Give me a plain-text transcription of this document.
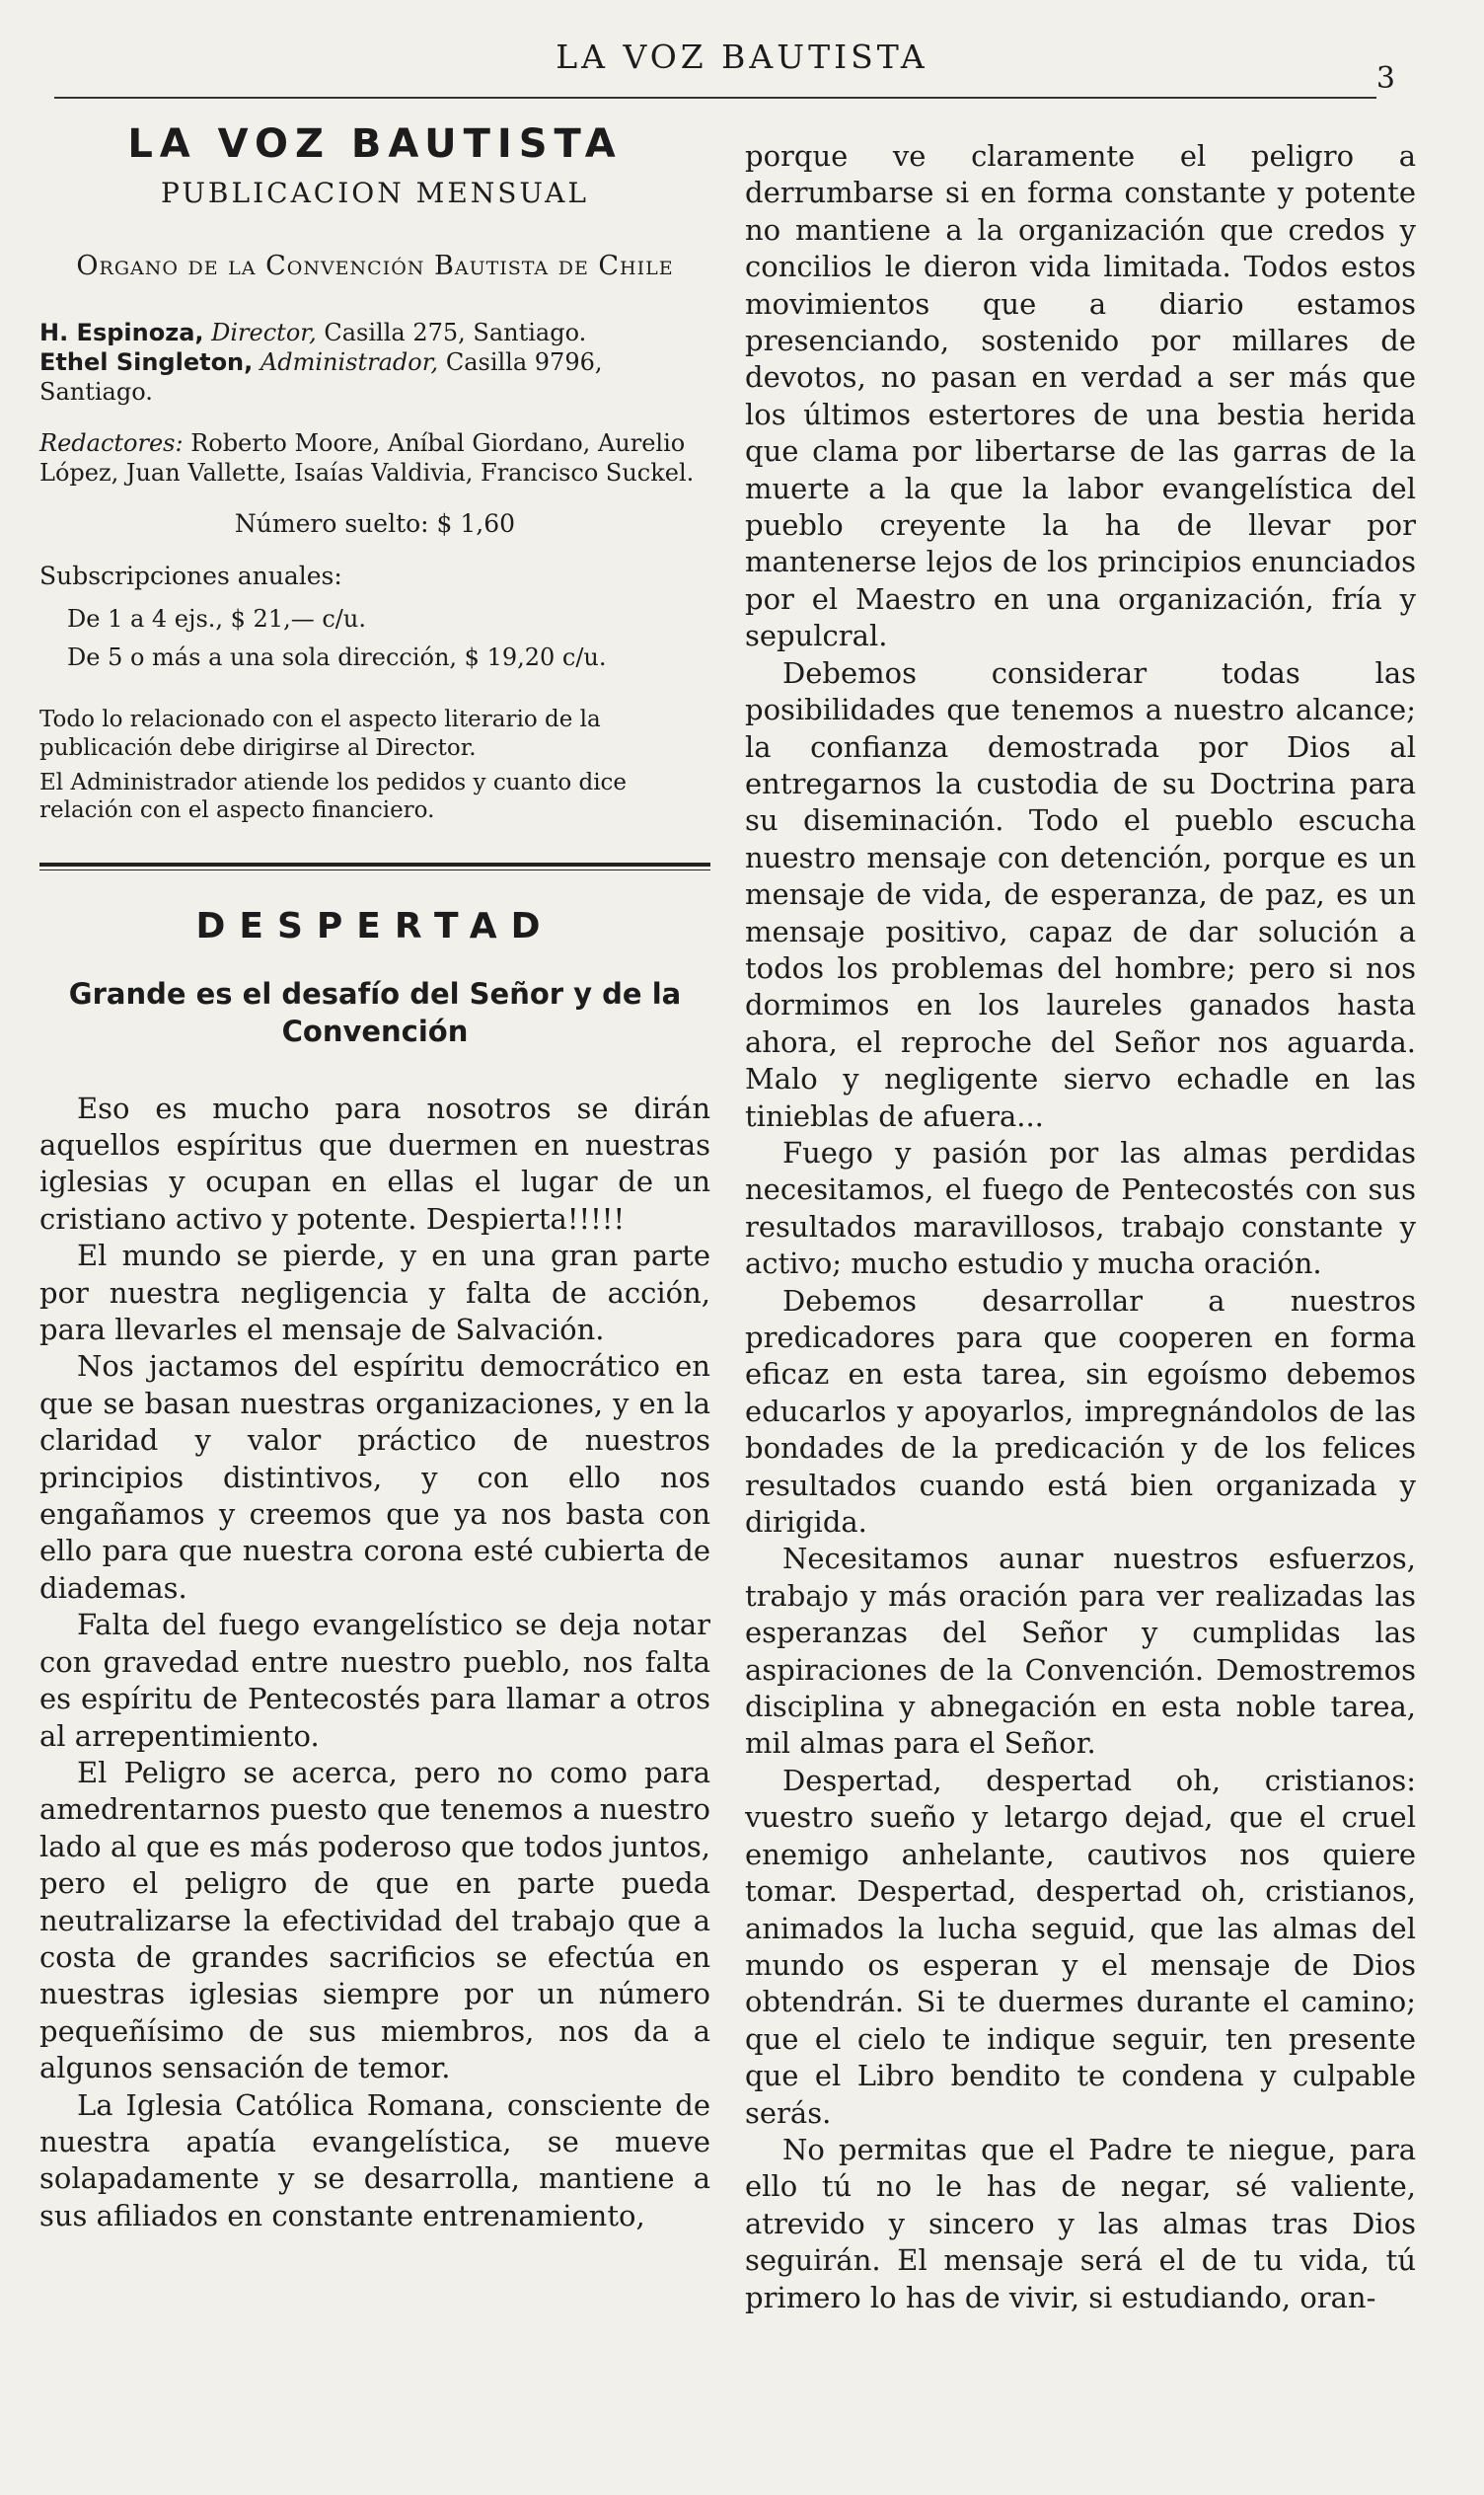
LA VOZ BAUTISTA
3
LA VOZ BAUTISTA
PUBLICACION MENSUAL
Organo de la Convención Bautista de Chile
H. Espinoza, Director, Casilla 275, Santiago.
Ethel Singleton, Administrador, Casilla 9796, Santiago.
Redactores: Roberto Moore, Aníbal Giordano, Aurelio López, Juan Vallette, Isaías Valdivia, Francisco Suckel.
Número suelto: $ 1,60
Subscripciones anuales:
De 1 a 4 ejs., $ 21,— c/u.
De 5 o más a una sola dirección, $ 19,20 c/u.
Todo lo relacionado con el aspecto literario de la publicación debe dirigirse al Director.
El Administrador atiende los pedidos y cuanto dice relación con el aspecto financiero.
DESPERTAD
Grande es el desafío del Señor y de la Convención

Eso es mucho para nosotros se dirán aquellos espíritus que duermen en nuestras iglesias y ocupan en ellas el lugar de un cristiano activo y potente. Despierta!!!!!

El mundo se pierde, y en una gran parte por nuestra negligencia y falta de acción, para llevarles el mensaje de Salvación.

Nos jactamos del espíritu democrático en que se basan nuestras organizaciones, y en la claridad y valor práctico de nuestros principios distintivos, y con ello nos engañamos y creemos que ya nos basta con ello para que nuestra corona esté cubierta de diademas.

Falta del fuego evangelístico se deja notar con gravedad entre nuestro pueblo, nos falta es espíritu de Pentecostés para llamar a otros al arrepentimiento.

El Peligro se acerca, pero no como para amedrentarnos puesto que tenemos a nuestro lado al que es más poderoso que todos juntos, pero el peligro de que en parte pueda neutralizarse la efectividad del trabajo que a costa de grandes sacrificios se efectúa en nuestras iglesias siempre por un número pequeñísimo de sus miembros, nos da a algunos sensación de temor.

La Iglesia Católica Romana, consciente de nuestra apatía evangelística, se mueve solapadamente y se desarrolla, mantiene a sus afiliados en constante entrenamiento,

porque ve claramente el peligro a derrumbarse si en forma constante y potente no mantiene a la organización que credos y concilios le dieron vida limitada. Todos estos movimientos que a diario estamos presenciando, sostenido por millares de devotos, no pasan en verdad a ser más que los últimos estertores de una bestia herida que clama por libertarse de las garras de la muerte a la que la labor evangelística del pueblo creyente la ha de llevar por mantenerse lejos de los principios enunciados por el Maestro en una organización, fría y sepulcral.

Debemos considerar todas las posibilidades que tenemos a nuestro alcance; la confianza demostrada por Dios al entregarnos la custodia de su Doctrina para su diseminación. Todo el pueblo escucha nuestro mensaje con detención, porque es un mensaje de vida, de esperanza, de paz, es un mensaje positivo, capaz de dar solución a todos los problemas del hombre; pero si nos dormimos en los laureles ganados hasta ahora, el reproche del Señor nos aguarda. Malo y negligente siervo echadle en las tinieblas de afuera...

Fuego y pasión por las almas perdidas necesitamos, el fuego de Pentecostés con sus resultados maravillosos, trabajo constante y activo; mucho estudio y mucha oración.

Debemos desarrollar a nuestros predicadores para que cooperen en forma eficaz en esta tarea, sin egoísmo debemos educarlos y apoyarlos, impregnándolos de las bondades de la predicación y de los felices resultados cuando está bien organizada y dirigida.

Necesitamos aunar nuestros esfuerzos, trabajo y más oración para ver realizadas las esperanzas del Señor y cumplidas las aspiraciones de la Convención. Demostremos disciplina y abnegación en esta noble tarea, mil almas para el Señor.

Despertad, despertad oh, cristianos: vuestro sueño y letargo dejad, que el cruel enemigo anhelante, cautivos nos quiere tomar. Despertad, despertad oh, cristianos, animados la lucha seguid, que las almas del mundo os esperan y el mensaje de Dios obtendrán. Si te duermes durante el camino; que el cielo te indique seguir, ten presente que el Libro bendito te condena y culpable serás.

No permitas que el Padre te niegue, para ello tú no le has de negar, sé valiente, atrevido y sincero y las almas tras Dios seguirán. El mensaje será el de tu vida, tú primero lo has de vivir, si estudiando, oran-
